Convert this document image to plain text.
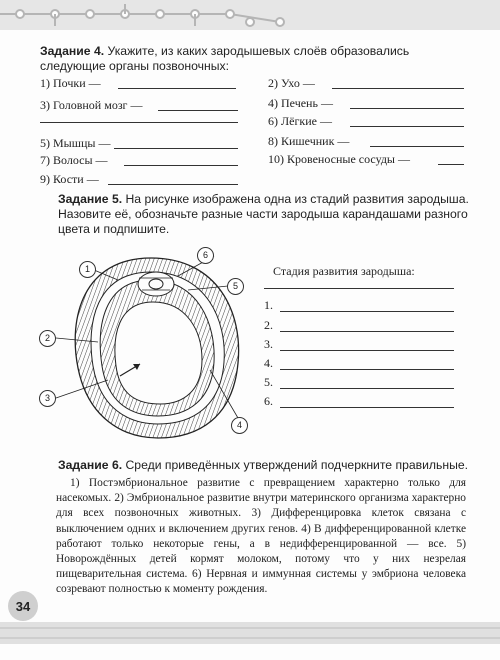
Задание 4. Укажите, из каких зародышевых слоёв образовались следующие органы позвоночных:
1) Почки —
3) Головной мозг —
5) Мышцы —
7) Волосы —
9) Кости —
2) Ухо —
4) Печень —
6) Лёгкие —
8) Кишечник —
10) Кровеносные сосуды —
Задание 5. На рисунке изображена одна из стадий развития зародыша. Назовите её, обозначьте разные части зародыша карандашами разного цвета и подпишите.
1
6
5
2
3
4
Стадия развития зародыша:
1.
2.
3.
4.
5.
6.
Задание 6. Среди приведённых утверждений подчеркните правильные.

1) Постэмбриональное развитие с превращением характерно только для насекомых. 2) Эмбриональное развитие внутри материнского организма характерно для всех позвоночных животных. 3) Дифференцировка клеток связана с выключением одних и включением других генов. 4) В дифференцированной клетке работают только некоторые гены, а в недифференцированной — все. 5) Новорождённых детей кормят молоком, потому что у них незрелая пищеварительная система. 6) Нервная и иммунная системы у эмбриона человека созревают полностью к моменту рождения.

34
